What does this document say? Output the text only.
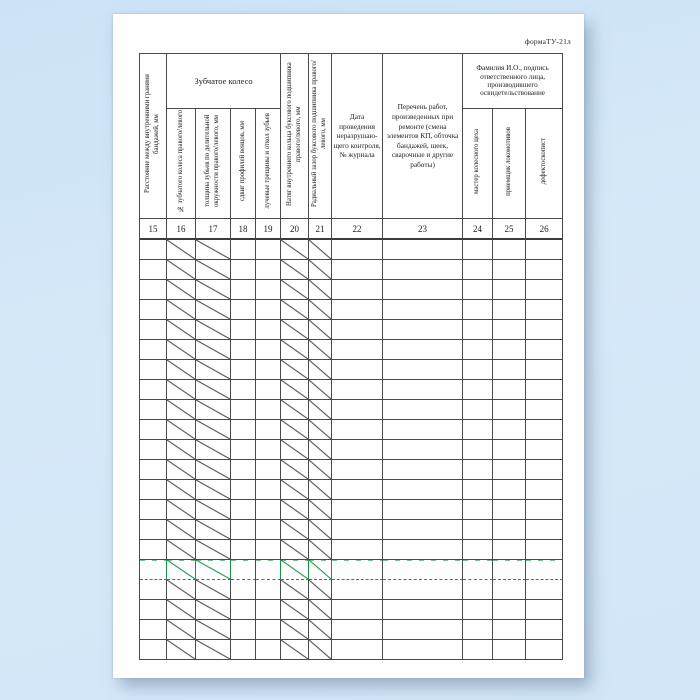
формаТУ-21л
Расстояние между внутренними гранями бандажей, мм	Зубчатое колесо				Натяг внутреннего кольца буксового подшипника правого/левого, мм	Радиальный зазор буксового подшипника правого/левого, мм	Дата проведения неразрушаю-щего контроля, № журнала	Перечень работ, произведенных при ремонте (смена элементов КП, обточка бандажей, шеек, сварочные и другие работы)	Фамилия И.О., подпись ответственного лица, производившего освидетельствование		
	№ зубчатого колеса правого/левого	толщина зубьев по делительной окружности правого/левого, мм	сдвиг профилей венцов, мм	лучевые трещины и откол зубьев					мастер колесного цеха	приемщик локомотивов	дефектоскопист
15	16	17	18	19	20	21	22	23	24	25	26
